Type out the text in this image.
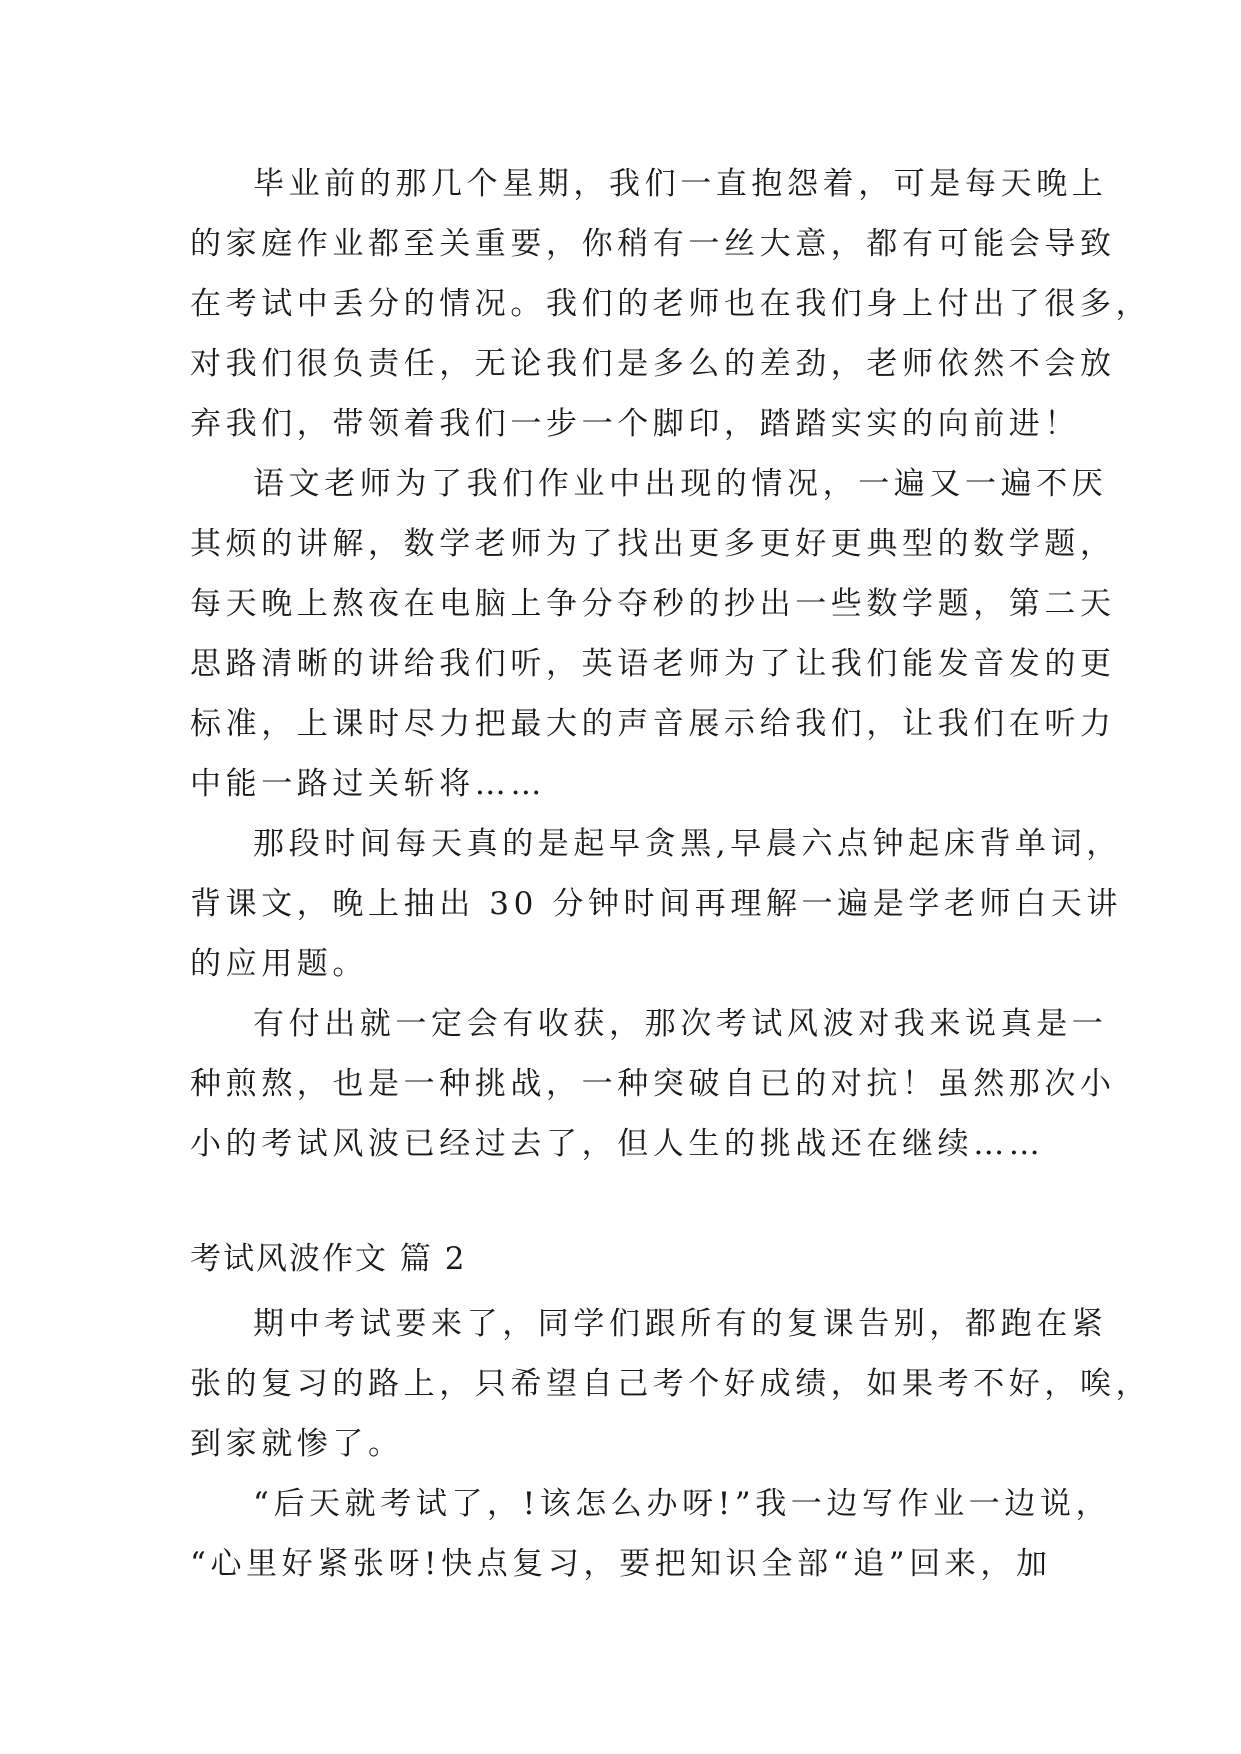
毕业前的那几个星期，我们一直抱怨着，可是每天晚上
的家庭作业都至关重要，你稍有一丝大意，都有可能会导致
在考试中丢分的情况。我们的老师也在我们身上付出了很多，
对我们很负责任，无论我们是多么的差劲，老师依然不会放
弃我们，带领着我们一步一个脚印，踏踏实实的向前进！
语文老师为了我们作业中出现的情况，一遍又一遍不厌
其烦的讲解，数学老师为了找出更多更好更典型的数学题，
每天晚上熬夜在电脑上争分夺秒的抄出一些数学题，第二天
思路清晰的讲给我们听，英语老师为了让我们能发音发的更
标准，上课时尽力把最大的声音展示给我们，让我们在听力
中能一路过关斩将……
那段时间每天真的是起早贪黑,早晨六点钟起床背单词，
背课文，晚上抽出 30 分钟时间再理解一遍是学老师白天讲
的应用题。
有付出就一定会有收获，那次考试风波对我来说真是一
种煎熬，也是一种挑战，一种突破自已的对抗！虽然那次小
小的考试风波已经过去了，但人生的挑战还在继续……
考试风波作文 篇 2
期中考试要来了，同学们跟所有的复课告别，都跑在紧
张的复习的路上，只希望自己考个好成绩，如果考不好，唉，
到家就惨了。
“后天就考试了，!该怎么办呀!”我一边写作业一边说，
“心里好紧张呀!快点复习，要把知识全部“追”回来，加
